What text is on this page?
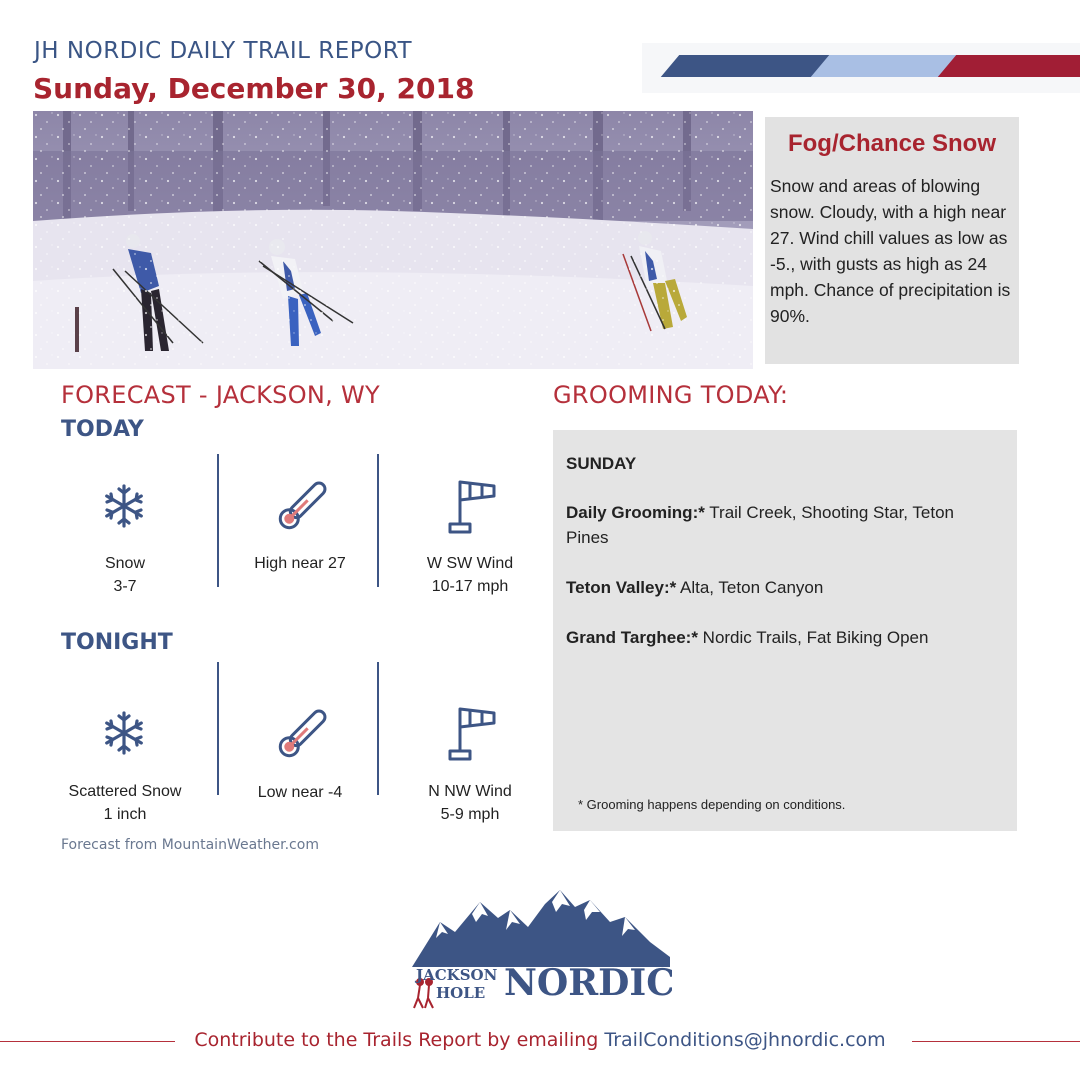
JH NORDIC DAILY TRAIL REPORT
Sunday, December 30, 2018
Fog/Chance Snow
Snow and areas of blowing snow. Cloudy, with a high near 27. Wind chill values as low as -5., with gusts as high as 24 mph. Chance of precipitation is 90%.
FORECAST - JACKSON, WY
TODAY
Snow
3-7
High near 27	W SW Wind
10-17 mph
TONIGHT
Scattered Snow
1 inch
Low near -4	N NW Wind
5-9 mph
Forecast from MountainWeather.com
GROOMING TODAY:
SUNDAY
Daily Grooming:* Trail Creek, Shooting Star, Teton Pines
Teton Valley:* Alta, Teton Canyon
Grand Targhee:* Nordic Trails, Fat Biking Open
* Grooming happens depending on conditions.
JACKSON
HOLE NORDIC
Contribute to the Trails Report by emailing TrailConditions@jhnordic.com
